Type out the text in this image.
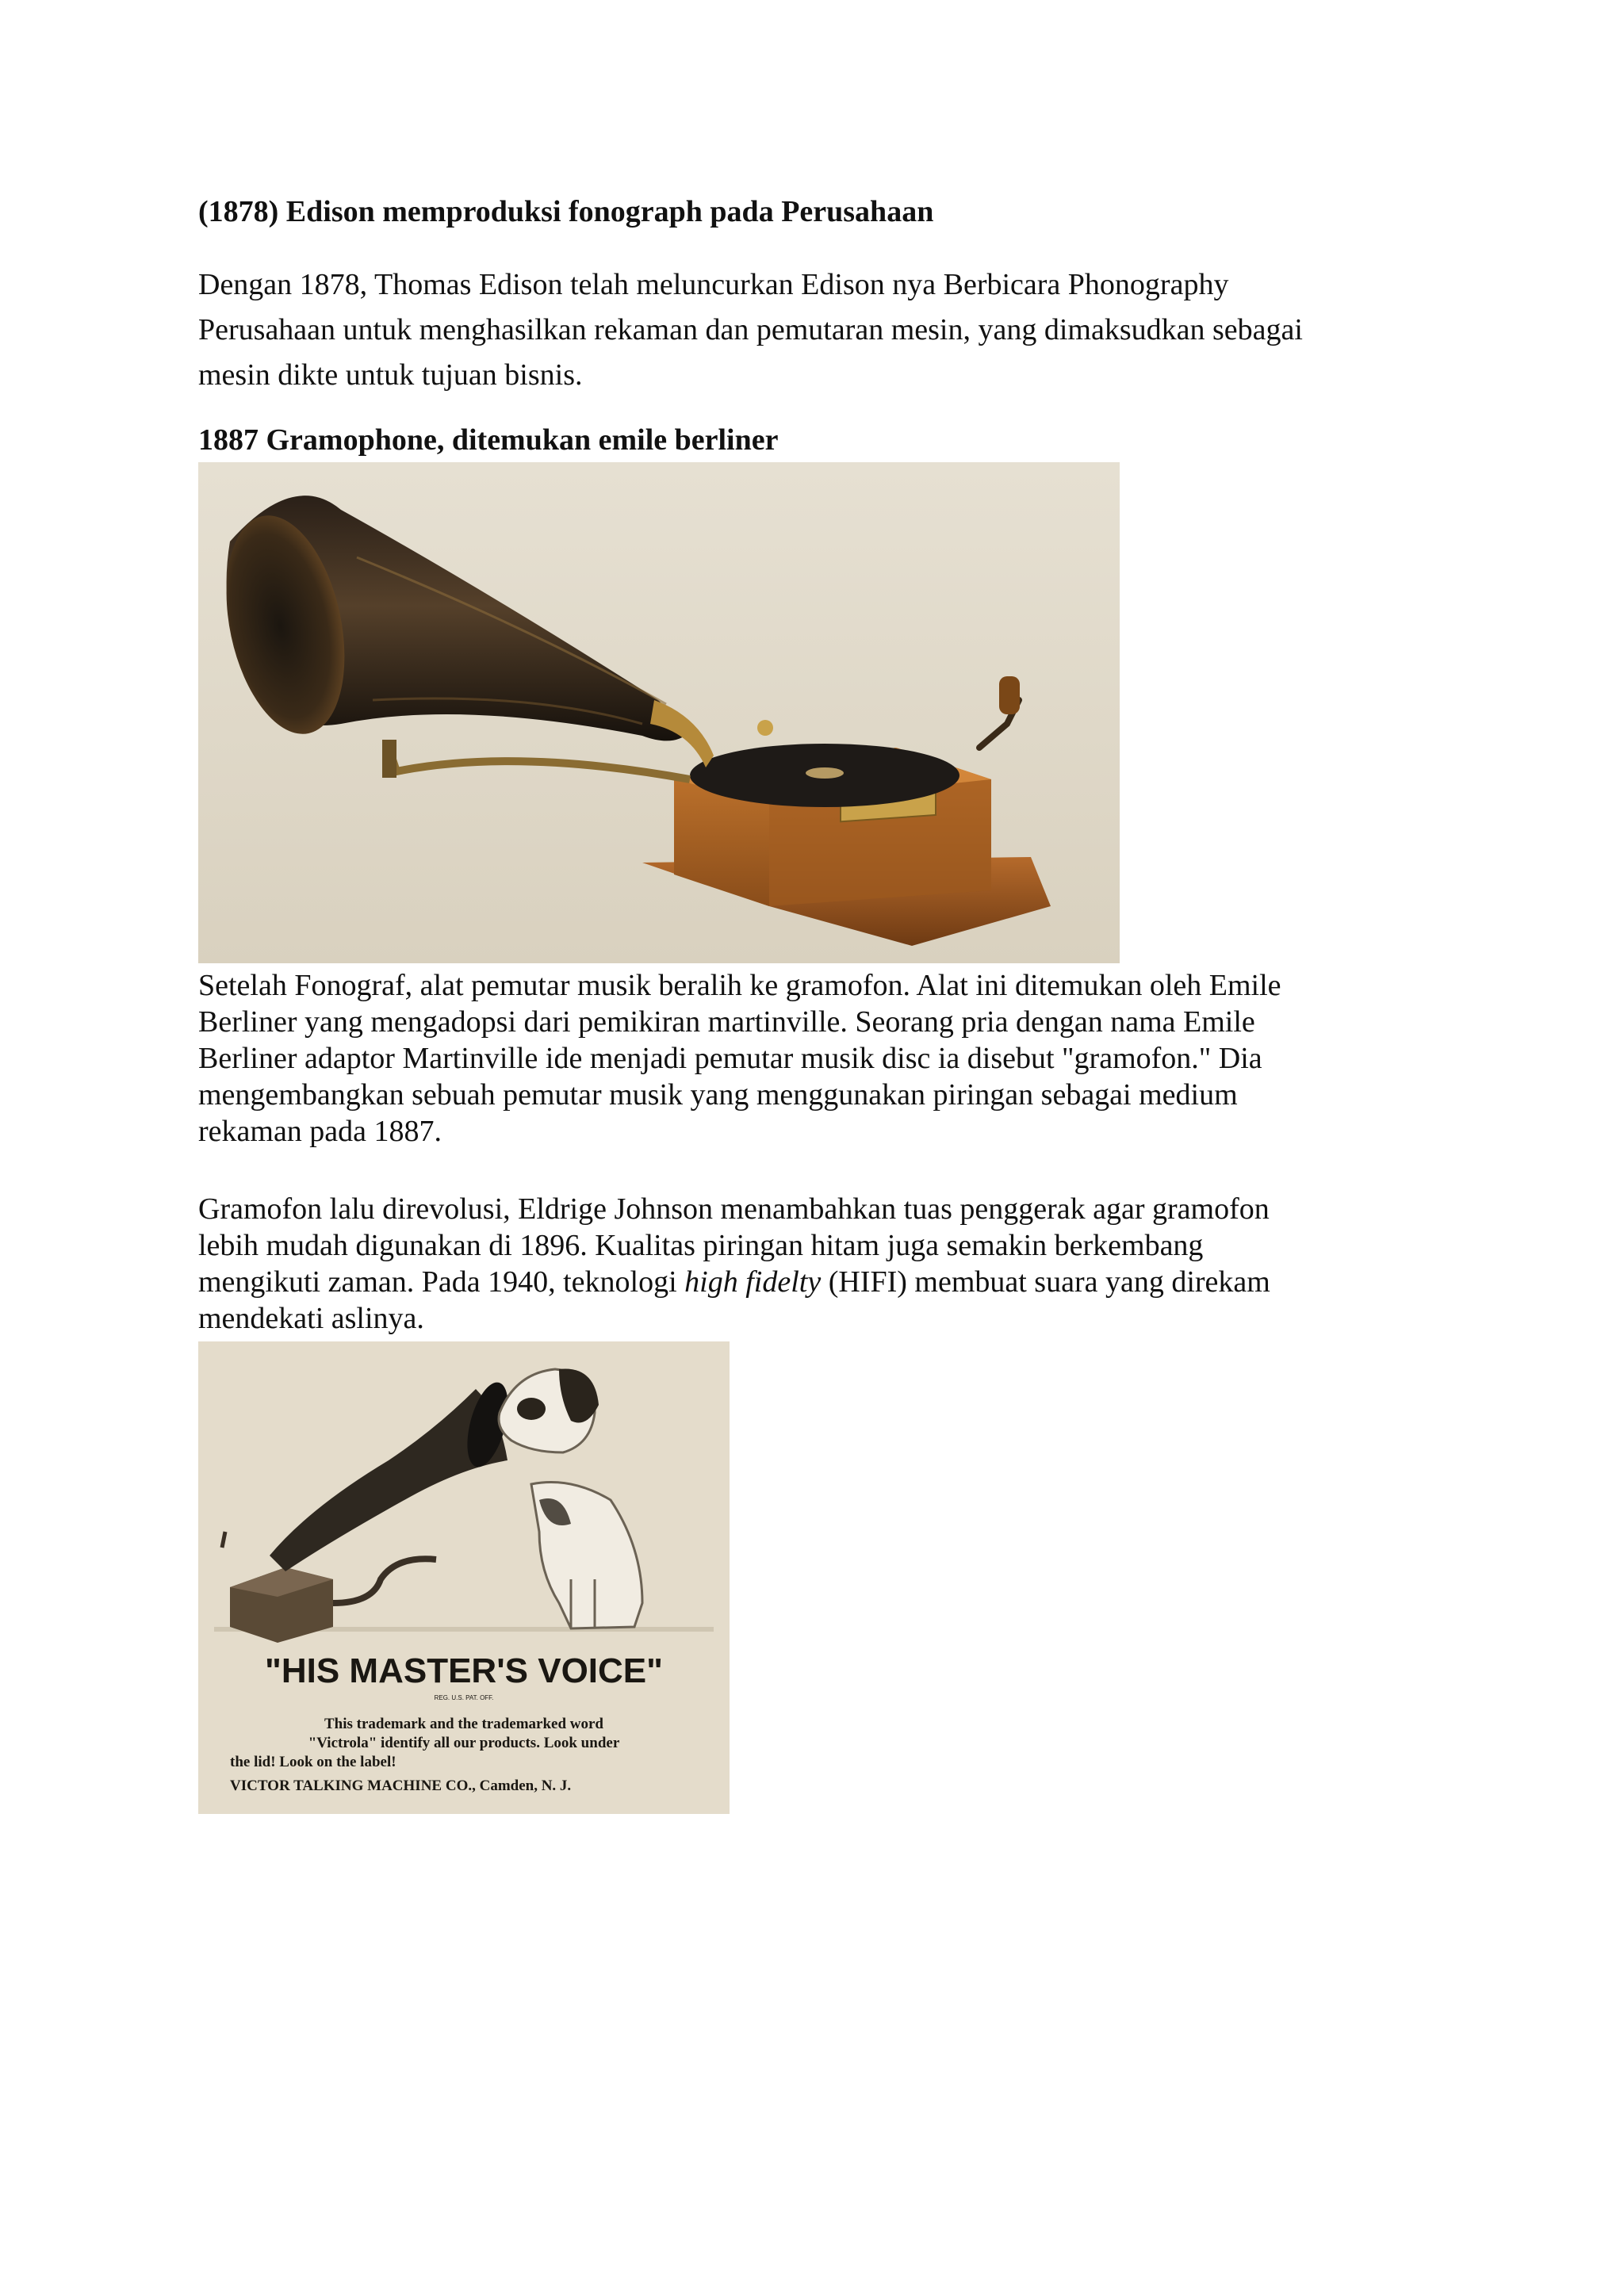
(1878) Edison memproduksi fonograph pada Perusahaan

Dengan 1878, Thomas Edison telah meluncurkan Edison nya Berbicara Phonography
Perusahaan untuk menghasilkan rekaman dan pemutaran mesin, yang dimaksudkan sebagai
mesin dikte untuk tujuan bisnis.

1887 Gramophone, ditemukan emile berliner

Setelah Fonograf, alat pemutar musik beralih ke gramofon. Alat ini ditemukan oleh Emile
Berliner yang mengadopsi dari pemikiran martinville. Seorang pria dengan nama Emile
Berliner adaptor Martinville ide menjadi pemutar musik disc ia disebut "gramofon." Dia
mengembangkan sebuah pemutar musik yang menggunakan piringan sebagai medium
rekaman pada 1887.

Gramofon lalu direvolusi, Eldrige Johnson menambahkan tuas penggerak agar gramofon
lebih mudah digunakan di 1896. Kualitas piringan hitam juga semakin berkembang
mengikuti zaman. Pada 1940, teknologi high fidelty (HIFI) membuat suara yang direkam
mendekati aslinya.

"HIS MASTER'S VOICE"
REG. U.S. PAT. OFF.
This trademark and the trademarked word
"Victrola" identify all our products. Look under
the lid! Look on the label!
VICTOR TALKING MACHINE CO., Camden, N. J.
